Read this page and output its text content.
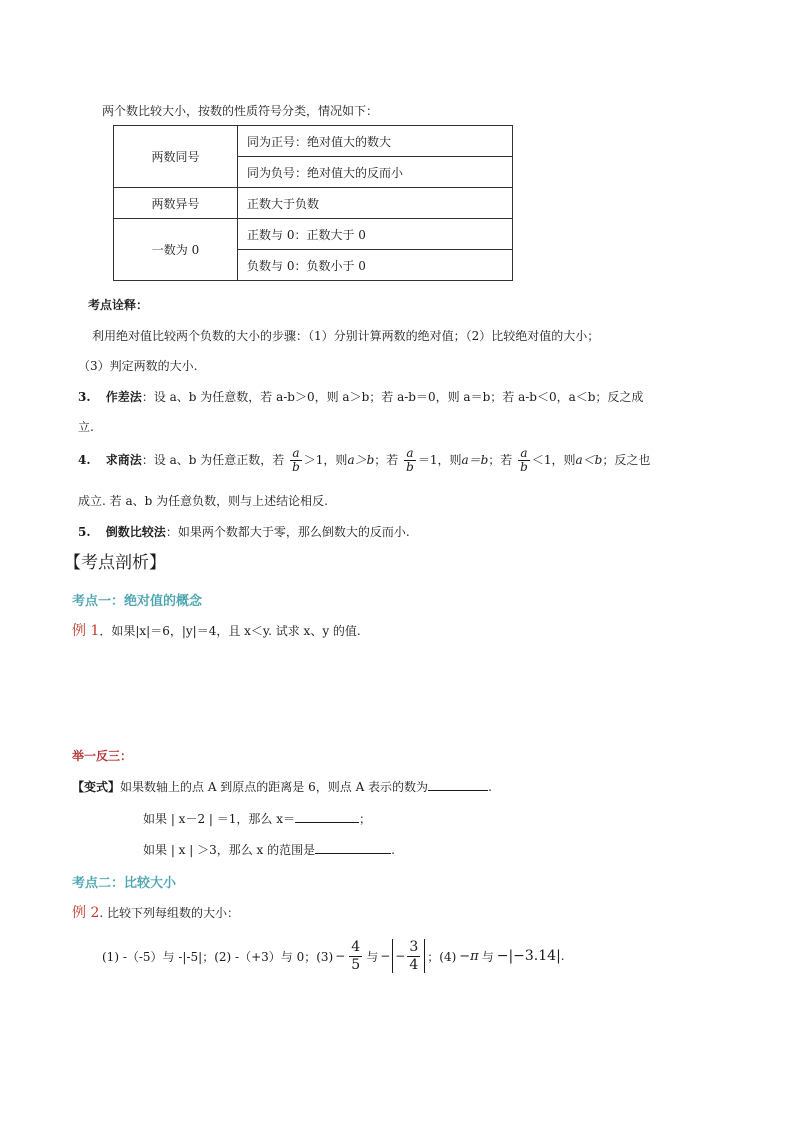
两个数比较大小，按数的性质符号分类，情况如下：
两数同号	同为正号：绝对值大的数大
	同为负号：绝对值大的反而小
两数异号	正数大于负数
一数为 0	正数与 0：正数大于 0
	负数与 0：负数小于 0
考点诠释：
利用绝对值比较两个负数的大小的步骤：（1）分别计算两数的绝对值；（2）比较绝对值的大小；
（3）判定两数的大小.
3. 作差法：设 a、b 为任意数，若 a-b＞0，则 a＞b；若 a-b＝0，则 a＝b；若 a-b＜0，a＜b；反之成
立.
4. 求商法：设 a、b 为任意正数，若 $\frac{a}{b} >1$，则a＞b；若 $\frac{a}{b} =1$，则a＝b；若 $\frac{a}{b} <1$，则a＜b；反之也
成立. 若 a、b 为任意负数，则与上述结论相反.
5. 倒数比较法：如果两个数都大于零，那么倒数大的反而小.
【考点剖析】
考点一：绝对值的概念
例 1．如果|x|＝6，|y|＝4，且 x＜y. 试求 x、y 的值.
举一反三：
【变式】如果数轴上的点 A 到原点的距离是 6，则点 A 表示的数为	.
如果 | x－2 | ＝1，那么 x＝	；
如果 | x | ＞3，那么 x 的范围是	.
考点二：比较大小
例 2. 比较下列每组数的大小：
(1) -（-5）与 -|-5|；(2) -（+3）与 0；$(3) - \frac{4}{5}$ 与 − − $\frac{3}{4}$ ；(4) −π 与 −|−3.14| .
